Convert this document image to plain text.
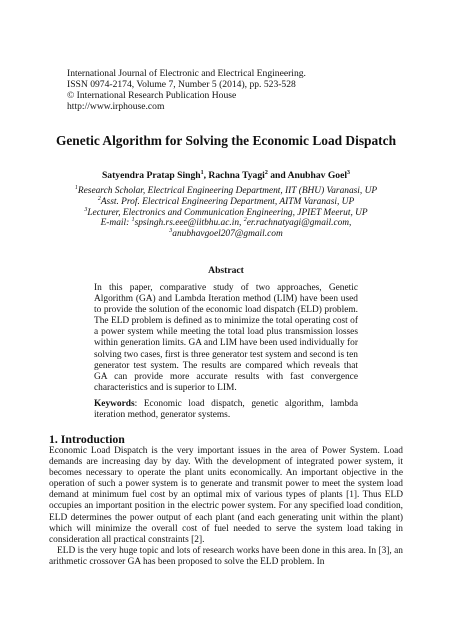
International Journal of Electronic and Electrical Engineering.
ISSN 0974-2174, Volume 7, Number 5 (2014), pp. 523-528
© International Research Publication House
http://www.irphouse.com
Genetic Algorithm for Solving the Economic Load Dispatch
Satyendra Pratap Singh$^1$, Rachna Tyagi$^2$ and Anubhav Goel$^3$
$^1$Research Scholar, Electrical Engineering Department, IIT (BHU) Varanasi, UP
$^2$Asst. Prof. Electrical Engineering Department, AITM Varanasi, UP
$^3$Lecturer, Electronics and Communication Engineering, JPIET Meerut, UP
E-mail: $^1$spsingh.rs.eee@iitbhu.ac.in, $^2$er.rachnatyagi@gmail.com,
$^3$anubhavgoel207@gmail.com
Abstract
In this paper, comparative study of two approaches, Genetic Algorithm (GA) and Lambda Iteration method (LIM) have been used to provide the solution of the economic load dispatch (ELD) problem. The ELD problem is defined as to minimize the total operating cost of a power system while meeting the total load plus transmission losses within generation limits. GA and LIM have been used individually for solving two cases, first is three generator test system and second is ten generator test system. The results are compared which reveals that GA can provide more accurate results with fast convergence characteristics and is superior to LIM.
Keywords: Economic load dispatch, genetic algorithm, lambda iteration method, generator systems.
1. Introduction

Economic Load Dispatch is the very important issues in the area of Power System. Load demands are increasing day by day. With the development of integrated power system, it becomes necessary to operate the plant units economically. An important objective in the operation of such a power system is to generate and transmit power to meet the system load demand at minimum fuel cost by an optimal mix of various types of plants [1]. Thus ELD occupies an important position in the electric power system. For any specified load condition, ELD determines the power output of each plant (and each generating unit within the plant) which will minimize the overall cost of fuel needed to serve the system load taking in consideration all practical constraints [2].

ELD is the very huge topic and lots of research works have been done in this area. In [3], an arithmetic crossover GA has been proposed to solve the ELD problem. In
